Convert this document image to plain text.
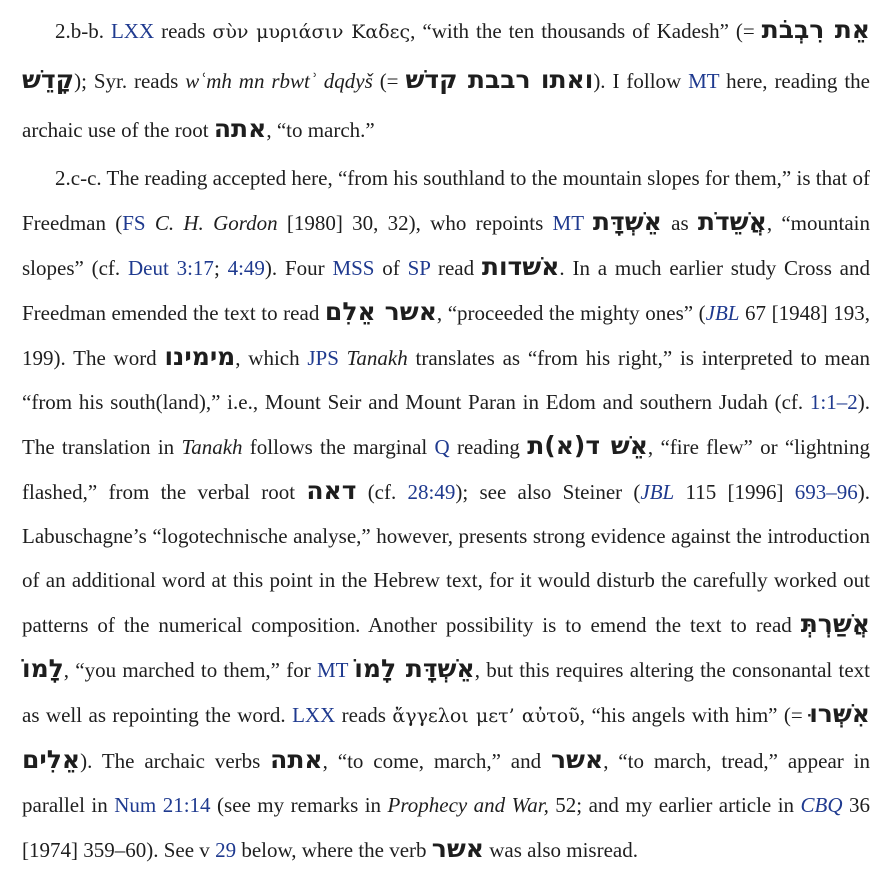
2.b-b. LXX reads σὺν μυριάσιν Καδες, “with the ten thousands of Kadesh” (= אֵת רִבְבֹת קָדֵשׁ); Syr. reads wʿmh mn rbwtʾ dqdyš (= ואתו רבבת קדשׁ). I follow MT here, reading the archaic use of the root אתה, “to march.”

2.c-c. The reading accepted here, “from his southland to the mountain slopes for them,” is that of Freedman (FS C. H. Gordon [1980] 30, 32), who repoints MT אֵשְׁדָּת as אֲשֵׁדֹת, “mountain slopes” (cf. Deut 3:17; 4:49). Four MSS of SP read אשׁדות. In a much earlier study Cross and Freedman emended the text to read אשר אֵלִם, “proceeded the mighty ones” (JBL 67 [1948] 193, 199). The word מימינו, which JPS Tanakh translates as “from his right,” is interpreted to mean “from his south(land),” i.e., Mount Seir and Mount Paran in Edom and southern Judah (cf. 1:1–2). The translation in Tanakh follows the marginal Q reading אֵשׁ ד(א)ת, “fire flew” or “lightning flashed,” from the verbal root דאה (cf. 28:49); see also Steiner (JBL 115 [1996] 693–96). Labuschagne’s “logotechnische analyse,” however, presents strong evidence against the introduction of an additional word at this point in the Hebrew text, for it would disturb the carefully worked out patterns of the numerical composition. Another possibility is to emend the text to read אֲשַׁרְתְּ לָמוֹ, “you marched to them,” for MT אֵשְׁדָּת לָמוֹ, but this requires altering the consonantal text as well as repointing the word. LXX reads ἄγγελοι μετ’ αὐτοῦ, “his angels with him” (= אִשְּׁרוּ אֵלִים). The archaic verbs אתה, “to come, march,” and אשר, “to march, tread,” appear in parallel in Num 21:14 (see my remarks in Prophecy and War, 52; and my earlier article in CBQ 36 [1974] 359–60). See v 29 below, where the verb אשר was also misread.
